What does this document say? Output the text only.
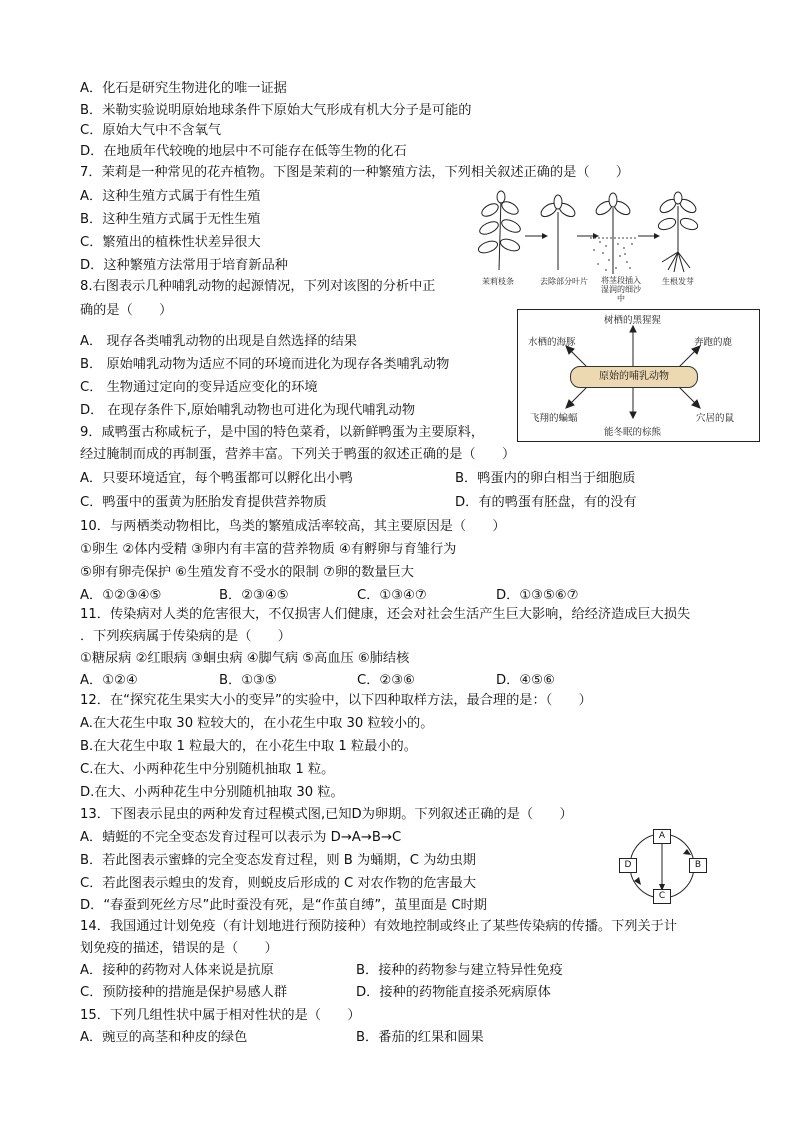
A．化石是研究生物进化的唯一证据
B．米勒实验说明原始地球条件下原始大气形成有机大分子是可能的
C．原始大气中不含氧气
D．在地质年代较晚的地层中不可能存在低等生物的化石
7．茉莉是一种常见的花卉植物。下图是茉莉的一种繁殖方法，下列相关叙述正确的是（　　）
A．这种生殖方式属于有性生殖
B．这种生殖方式属于无性生殖
C．繁殖出的植株性状差异很大
D．这种繁殖方法常用于培育新品种
8.右图表示几种哺乳动物的起源情况，下列对该图的分析中正
确的是（　　）
A． 现存各类哺乳动物的出现是自然选择的结果
B． 原始哺乳动物为适应不同的环境而进化为现存各类哺乳动物
C． 生物通过定向的变异适应变化的环境
D． 在现存条件下,原始哺乳动物也可进化为现代哺乳动物
9．咸鸭蛋古称咸杬子，是中国的特色菜肴，以新鲜鸭蛋为主要原料，
经过腌制而成的再制蛋，营养丰富。下列关于鸭蛋的叙述正确的是（　　）
10．与两栖类动物相比，鸟类的繁殖成活率较高，其主要原因是（　　）
①卵生 ②体内受精 ③卵内有丰富的营养物质 ④有孵卵与育雏行为
⑤卵有卵壳保护 ⑥生殖发育不受水的限制 ⑦卵的数量巨大
11．传染病对人类的危害很大，不仅损害人们健康，还会对社会生活产生巨大影响，给经济造成巨大损失
．下列疾病属于传染病的是（　　）
①糖尿病 ②红眼病 ③蛔虫病 ④脚气病 ⑤高血压 ⑥肺结核
12．在“探究花生果实大小的变异”的实验中，以下四种取样方法，最合理的是：（　　）
A.在大花生中取 30 粒较大的，在小花生中取 30 粒较小的。
B.在大花生中取 1 粒最大的，在小花生中取 1 粒最小的。
C.在大、小两种花生中分别随机抽取 1 粒。
D.在大、小两种花生中分别随机抽取 30 粒。
13．下图表示昆虫的两种发育过程模式图,已知D为卵期。下列叙述正确的是（　　）
A．蜻蜓的不完全变态发育过程可以表示为 D→A→B→C
B．若此图表示蜜蜂的完全变态发育过程，则 B 为蛹期，C 为幼虫期
C．若此图表示蝗虫的发育，则蜕皮后形成的 C 对农作物的危害最大
D．“春蚕到死丝方尽”此时蚕没有死，是“作茧自缚”，茧里面是 C时期
14．我国通过计划免疫（有计划地进行预防接种）有效地控制或终止了某些传染病的传播。下列关于计
划免疫的描述，错误的是（　　）
15．下列几组性状中属于相对性状的是（　　）
A．只要环境适宜，每个鸭蛋都可以孵化出小鸭	B．鸭蛋内的卵白相当于细胞质
C．鸭蛋中的蛋黄为胚胎发育提供营养物质	D．有的鸭蛋有胚盘，有的没有
A．接种的药物对人体来说是抗原	B．接种的药物参与建立特异性免疫
C．预防接种的措施是保护易感人群	D．接种的药物能直接杀死病原体
A．豌豆的高茎和种皮的绿色	B．番茄的红果和圆果
A．①②③④⑤	B．②③④⑤	C．①③④⑦	D．①③⑤⑥⑦
A．①②④	B．①③⑤	C．②③⑥	D．④⑤⑥
茉莉枝条	去除部分叶片 将茎段插入湿润的细沙中
生根发芽
树栖的黑猩猩
水栖的海豚	奔跑的鹿
原始的哺乳动物
飞翔的蝙蝠	穴居的鼠
能冬眠的棕熊
A
B
C
D
